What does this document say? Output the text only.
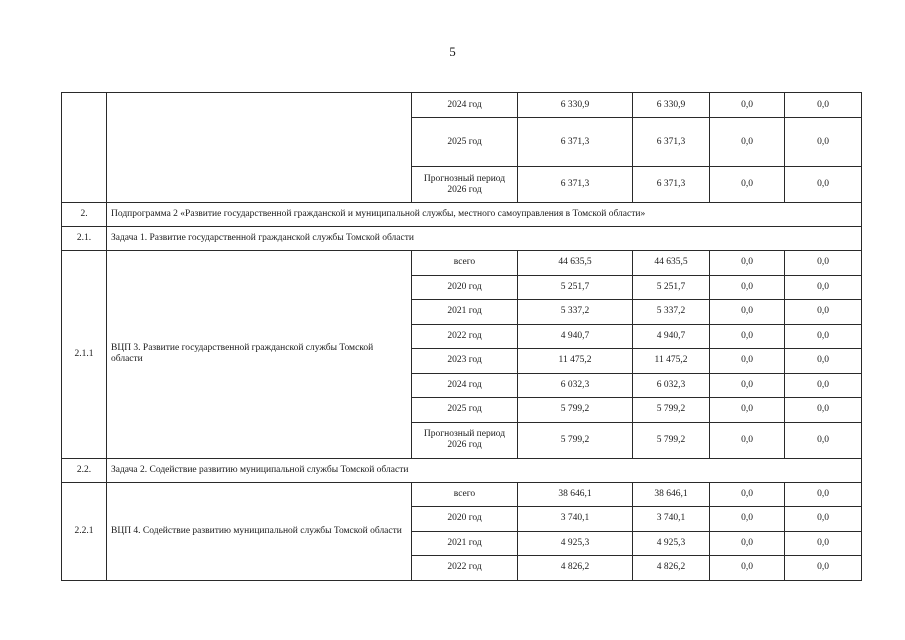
5
		2024 год	6 330,9	6 330,9	0,0	0,0
		2025 год	6 371,3	6 371,3	0,0	0,0
		Прогнозный период 2026 год	6 371,3	6 371,3	0,0	0,0
2.	Подпрограмма 2 «Развитие государственной гражданской и муниципальной службы, местного самоуправления в Томской области»					
2.1.	Задача 1. Развитие государственной гражданской службы Томской области					
2.1.1	ВЦП 3. Развитие государственной гражданской службы Томской области	всего	44 635,5	44 635,5	0,0	0,0
		2020 год	5 251,7	5 251,7	0,0	0,0
		2021 год	5 337,2	5 337,2	0,0	0,0
		2022 год	4 940,7	4 940,7	0,0	0,0
		2023 год	11 475,2	11 475,2	0,0	0,0
		2024 год	6 032,3	6 032,3	0,0	0,0
		2025 год	5 799,2	5 799,2	0,0	0,0
		Прогнозный период 2026 год	5 799,2	5 799,2	0,0	0,0
2.2.	Задача 2. Содействие развитию муниципальной службы Томской области					
2.2.1	ВЦП 4. Содействие развитию муниципальной службы Томской области	всего	38 646,1	38 646,1	0,0	0,0
		2020 год	3 740,1	3 740,1	0,0	0,0
		2021 год	4 925,3	4 925,3	0,0	0,0
		2022 год	4 826,2	4 826,2	0,0	0,0
